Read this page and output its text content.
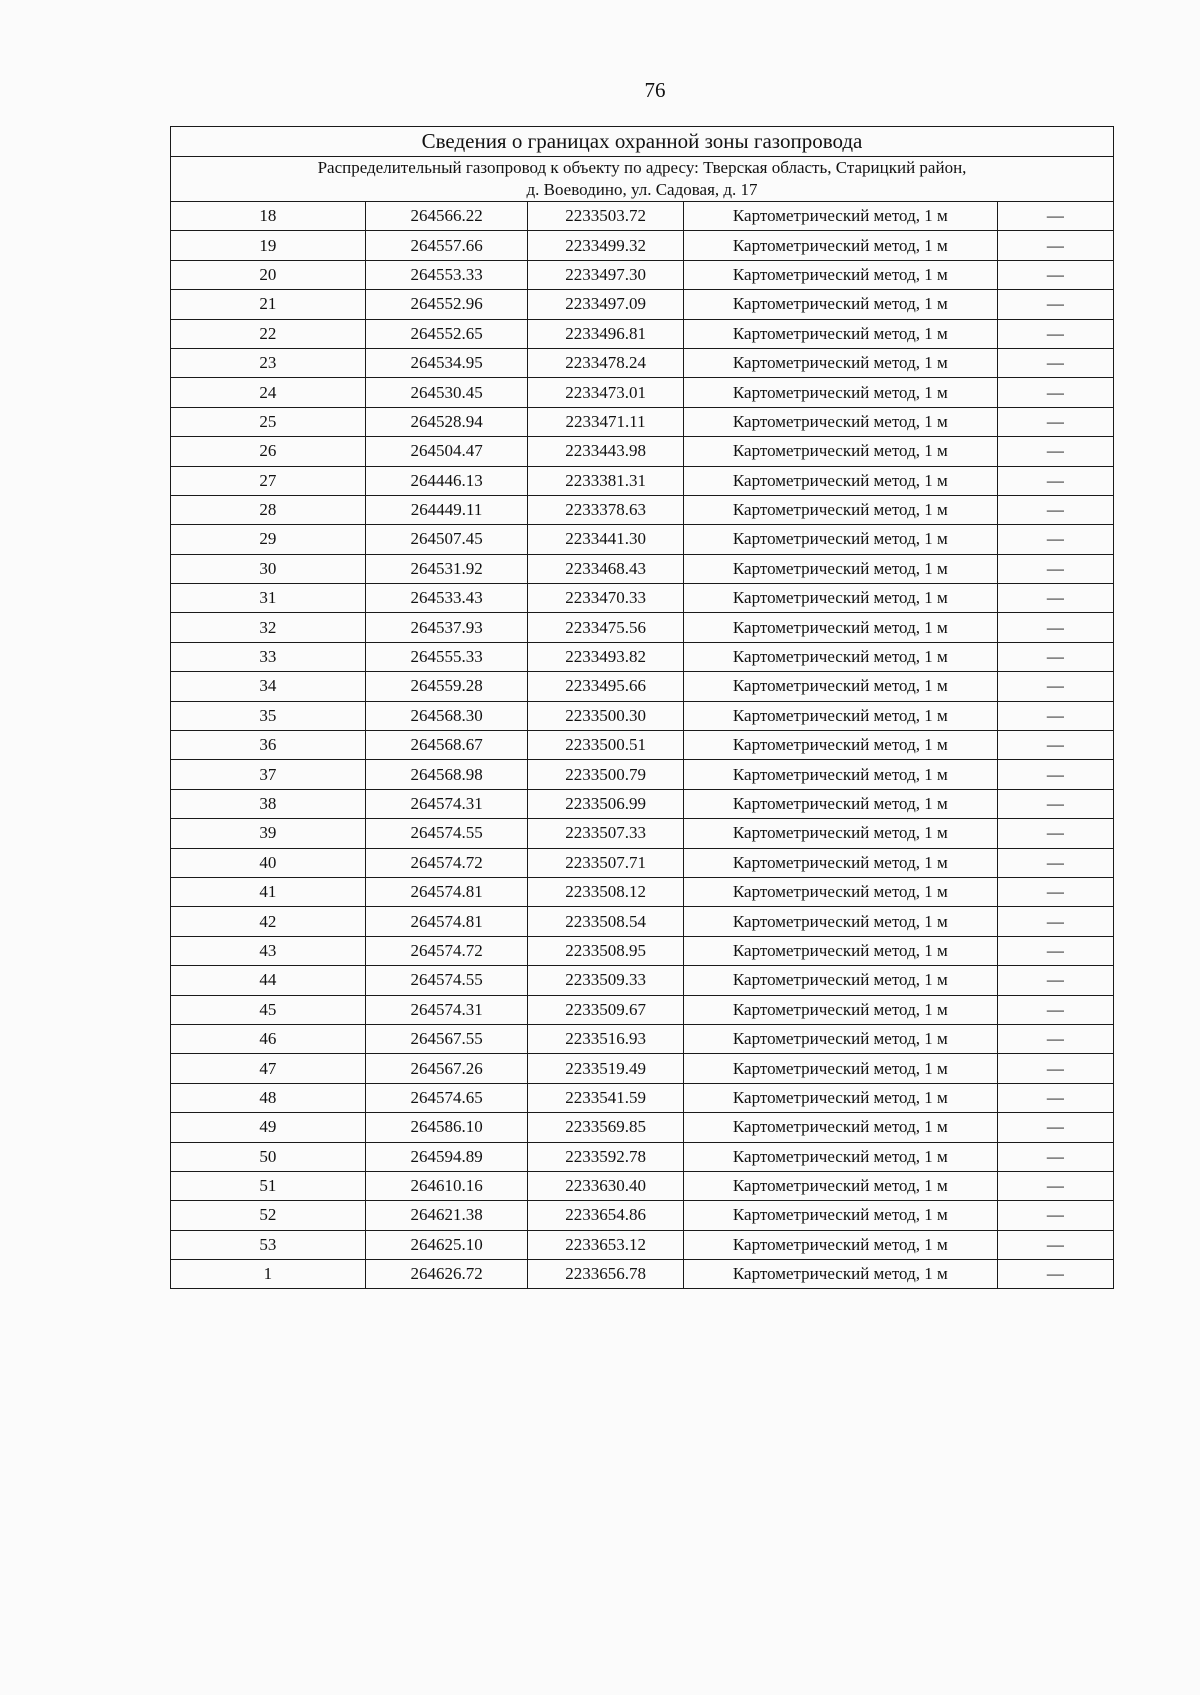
76
Сведения о границах охранной зоны газопровода				

Распределительный газопровод к объекту по адресу: Тверская область, Старицкий район,
д. Воеводино, ул. Садовая, д. 17				

18	264566.22	2233503.72	Картометрический метод, 1 м	—
19	264557.66	2233499.32	Картометрический метод, 1 м	—
20	264553.33	2233497.30	Картометрический метод, 1 м	—
21	264552.96	2233497.09	Картометрический метод, 1 м	—
22	264552.65	2233496.81	Картометрический метод, 1 м	—
23	264534.95	2233478.24	Картометрический метод, 1 м	—
24	264530.45	2233473.01	Картометрический метод, 1 м	—
25	264528.94	2233471.11	Картометрический метод, 1 м	—
26	264504.47	2233443.98	Картометрический метод, 1 м	—
27	264446.13	2233381.31	Картометрический метод, 1 м	—
28	264449.11	2233378.63	Картометрический метод, 1 м	—
29	264507.45	2233441.30	Картометрический метод, 1 м	—
30	264531.92	2233468.43	Картометрический метод, 1 м	—
31	264533.43	2233470.33	Картометрический метод, 1 м	—
32	264537.93	2233475.56	Картометрический метод, 1 м	—
33	264555.33	2233493.82	Картометрический метод, 1 м	—
34	264559.28	2233495.66	Картометрический метод, 1 м	—
35	264568.30	2233500.30	Картометрический метод, 1 м	—
36	264568.67	2233500.51	Картометрический метод, 1 м	—
37	264568.98	2233500.79	Картометрический метод, 1 м	—
38	264574.31	2233506.99	Картометрический метод, 1 м	—
39	264574.55	2233507.33	Картометрический метод, 1 м	—
40	264574.72	2233507.71	Картометрический метод, 1 м	—
41	264574.81	2233508.12	Картометрический метод, 1 м	—
42	264574.81	2233508.54	Картометрический метод, 1 м	—
43	264574.72	2233508.95	Картометрический метод, 1 м	—
44	264574.55	2233509.33	Картометрический метод, 1 м	—
45	264574.31	2233509.67	Картометрический метод, 1 м	—
46	264567.55	2233516.93	Картометрический метод, 1 м	—
47	264567.26	2233519.49	Картометрический метод, 1 м	—
48	264574.65	2233541.59	Картометрический метод, 1 м	—
49	264586.10	2233569.85	Картометрический метод, 1 м	—
50	264594.89	2233592.78	Картометрический метод, 1 м	—
51	264610.16	2233630.40	Картометрический метод, 1 м	—
52	264621.38	2233654.86	Картометрический метод, 1 м	—
53	264625.10	2233653.12	Картометрический метод, 1 м	—
1	264626.72	2233656.78	Картометрический метод, 1 м	—
